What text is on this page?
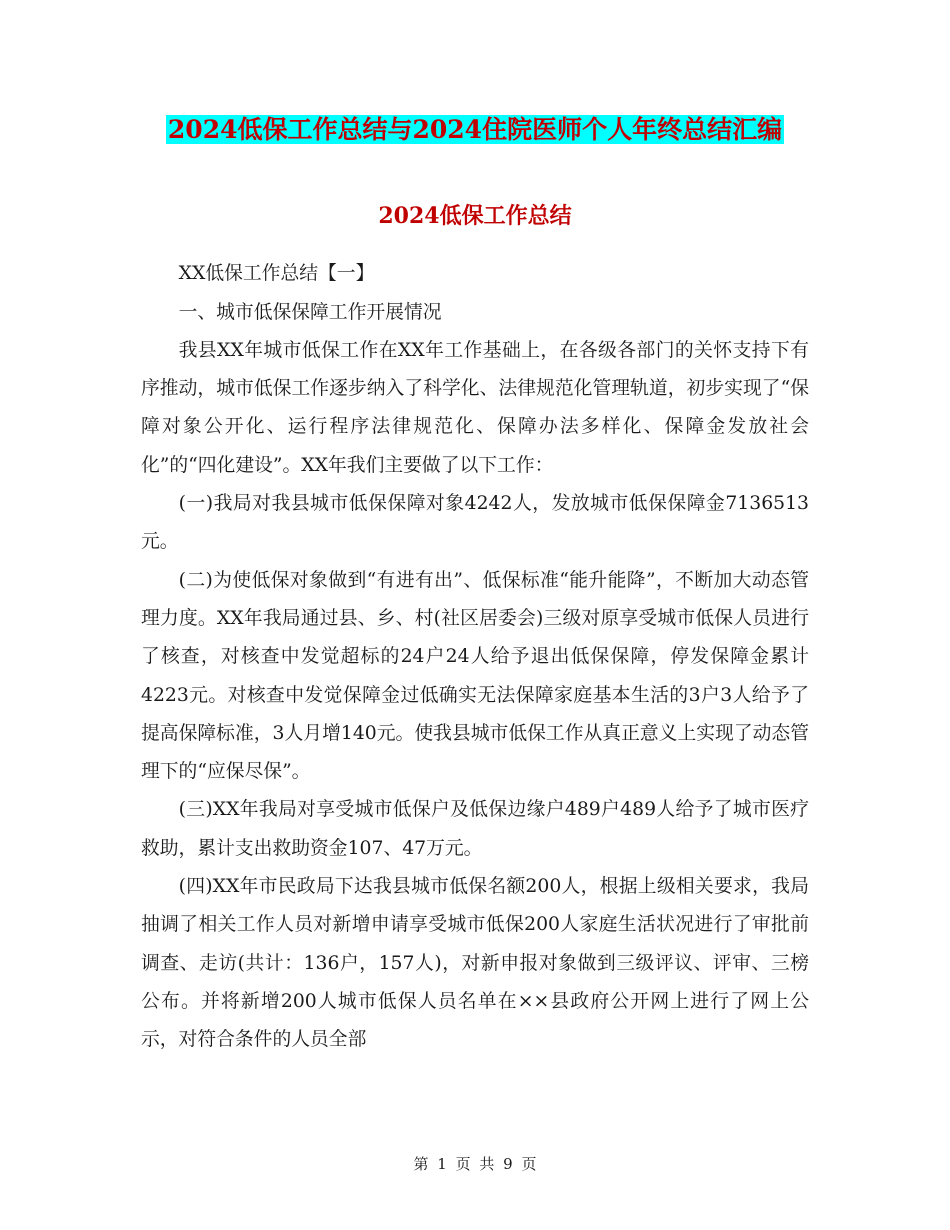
2024低保工作总结与2024住院医师个人年终总结汇编
2024低保工作总结

XX低保工作总结【一】

一、城市低保保障工作开展情况

我县XX年城市低保工作在XX年工作基础上，在各级各部门的关怀支持下有序推动，城市低保工作逐步纳入了科学化、法律规范化管理轨道，初步实现了“保障对象公开化、运行程序法律规范化、保障办法多样化、保障金发放社会化”的“四化建设”。XX年我们主要做了以下工作：

(一)我局对我县城市低保保障对象4242人，发放城市低保保障金7136513元。

(二)为使低保对象做到“有进有出”、低保标准“能升能降”，不断加大动态管理力度。XX年我局通过县、乡、村(社区居委会)三级对原享受城市低保人员进行了核查，对核查中发觉超标的24户24人给予退出低保保障，停发保障金累计4223元。对核查中发觉保障金过低确实无法保障家庭基本生活的3户3人给予了提高保障标准，3人月增140元。使我县城市低保工作从真正意义上实现了动态管理下的“应保尽保”。

(三)XX年我局对享受城市低保户及低保边缘户489户489人给予了城市医疗救助，累计支出救助资金107、47万元。

(四)XX年市民政局下达我县城市低保名额200人，根据上级相关要求，我局抽调了相关工作人员对新增申请享受城市低保200人家庭生活状况进行了审批前调查、走访(共计：136户，157人)，对新申报对象做到三级评议、评审、三榜公布。并将新增200人城市低保人员名单在××县政府公开网上进行了网上公示，对符合条件的人员全部

第 1 页 共 9 页
